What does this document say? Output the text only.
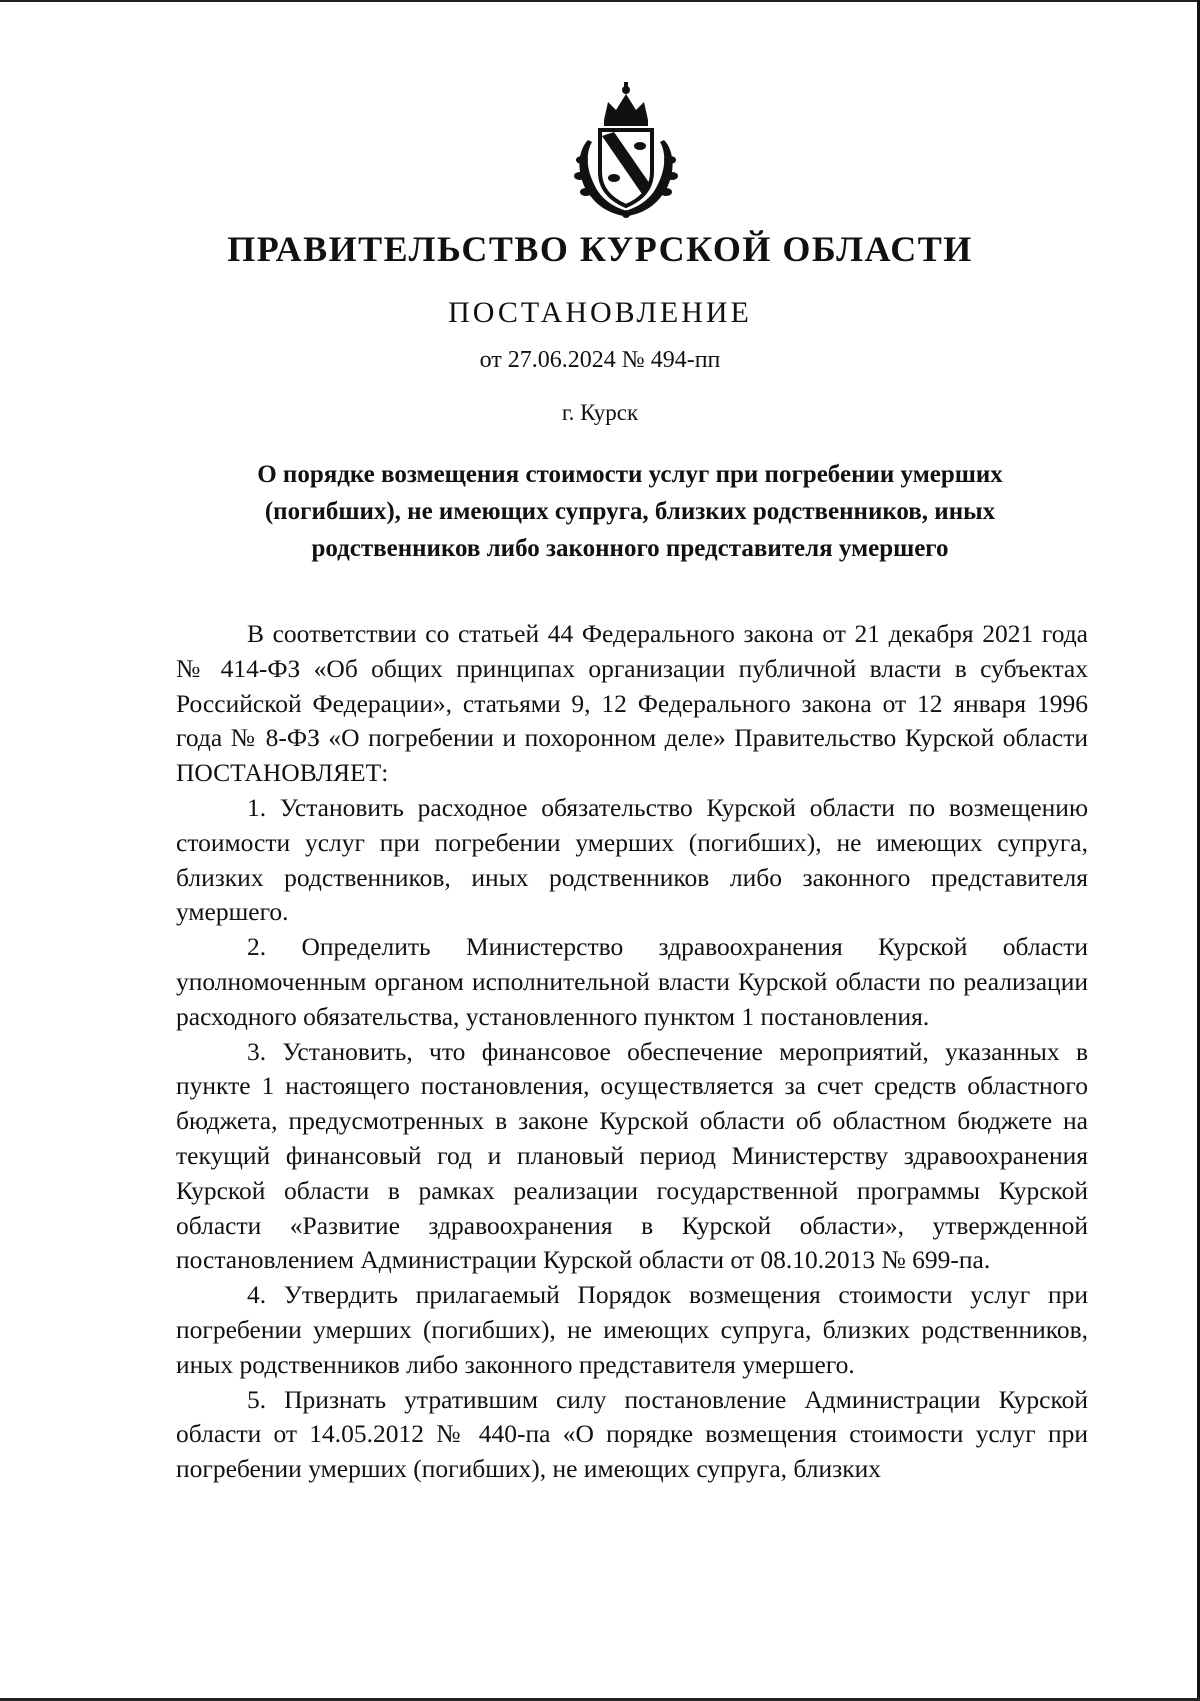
ПРАВИТЕЛЬСТВО КУРСКОЙ ОБЛАСТИ
ПОСТАНОВЛЕНИЕ
от 27.06.2024 № 494-пп
г. Курск
О порядке возмещения стоимости услуг при погребении умерших (погибших), не имеющих супруга, близких родственников, иных родственников либо законного представителя умершего

В соответствии со статьей 44 Федерального закона от 21 декабря 2021 года № 414-ФЗ «Об общих принципах организации публичной власти в субъектах Российской Федерации», статьями 9, 12 Федерального закона от 12 января 1996 года № 8-ФЗ «О погребении и похоронном деле» Правительство Курской области ПОСТАНОВЛЯЕТ:

1. Установить расходное обязательство Курской области по возмещению стоимости услуг при погребении умерших (погибших), не имеющих супруга, близких родственников, иных родственников либо законного представителя умершего.

2. Определить Министерство здравоохранения Курской области уполномоченным органом исполнительной власти Курской области по реализации расходного обязательства, установленного пунктом 1 постановления.

3. Установить, что финансовое обеспечение мероприятий, указанных в пункте 1 настоящего постановления, осуществляется за счет средств областного бюджета, предусмотренных в законе Курской области об областном бюджете на текущий финансовый год и плановый период Министерству здравоохранения Курской области в рамках реализации государственной программы Курской области «Развитие здравоохранения в Курской области», утвержденной постановлением Администрации Курской области от 08.10.2013 № 699-па.

4. Утвердить прилагаемый Порядок возмещения стоимости услуг при погребении умерших (погибших), не имеющих супруга, близких родственников, иных родственников либо законного представителя умершего.

5. Признать утратившим силу постановление Администрации Курской области от 14.05.2012 № 440-па «О порядке возмещения стоимости услуг при погребении умерших (погибших), не имеющих супруга, близких
